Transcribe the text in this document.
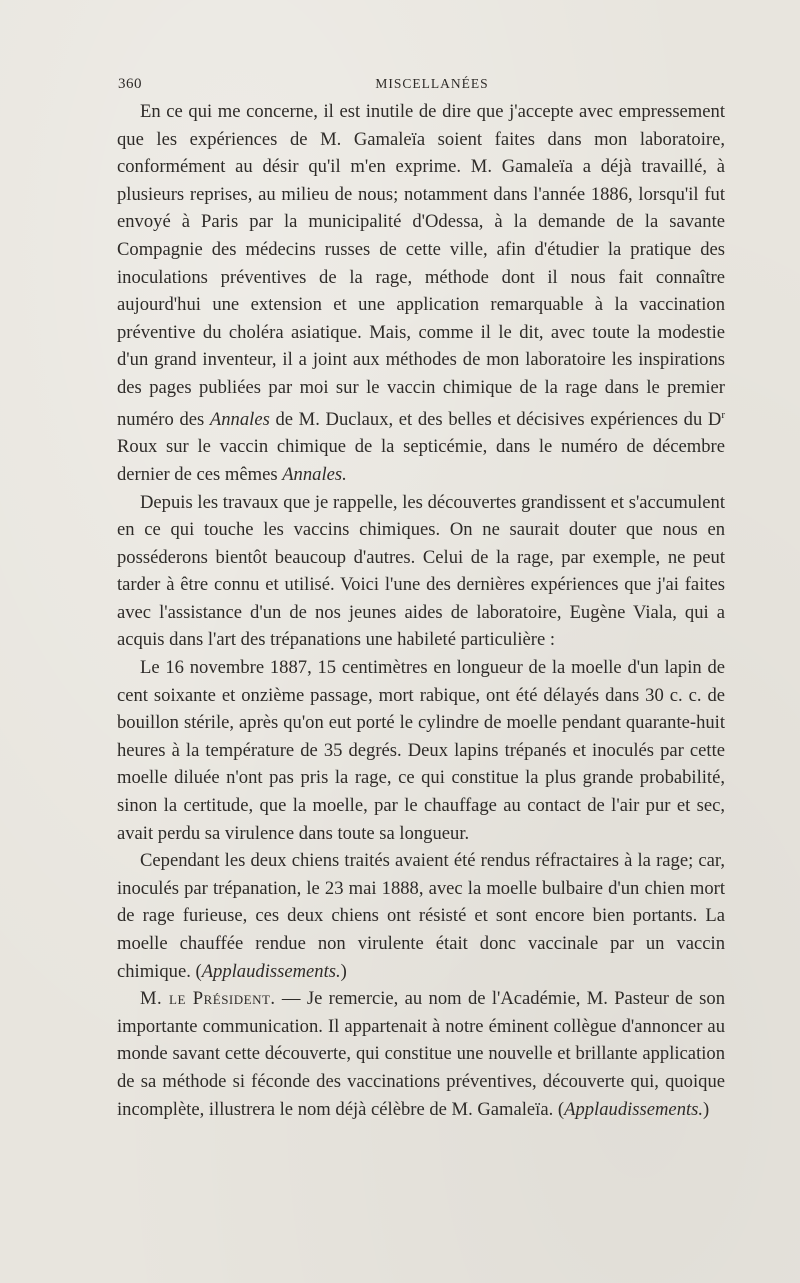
360	MISCELLANÉES

En ce qui me concerne, il est inutile de dire que j'accepte avec empressement que les expériences de M. Gamaleïa soient faites dans mon laboratoire, conformément au désir qu'il m'en exprime. M. Gamaleïa a déjà travaillé, à plusieurs reprises, au milieu de nous; notamment dans l'année 1886, lorsqu'il fut envoyé à Paris par la municipalité d'Odessa, à la demande de la savante Compagnie des médecins russes de cette ville, afin d'étudier la pratique des inoculations préventives de la rage, méthode dont il nous fait connaître aujourd'hui une extension et une application remarquable à la vaccination préventive du choléra asiatique. Mais, comme il le dit, avec toute la modestie d'un grand inventeur, il a joint aux méthodes de mon laboratoire les inspirations des pages publiées par moi sur le vaccin chimique de la rage dans le premier numéro des Annales de M. Duclaux, et des belles et décisives expériences du $D^r$ Roux sur le vaccin chimique de la septicémie, dans le numéro de décembre dernier de ces mêmes Annales.

Depuis les travaux que je rappelle, les découvertes grandissent et s'accumulent en ce qui touche les vaccins chimiques. On ne saurait douter que nous en posséderons bientôt beaucoup d'autres. Celui de la rage, par exemple, ne peut tarder à être connu et utilisé. Voici l'une des dernières expériences que j'ai faites avec l'assistance d'un de nos jeunes aides de laboratoire, Eugène Viala, qui a acquis dans l'art des trépanations une habileté particulière :

Le 16 novembre 1887, 15 centimètres en longueur de la moelle d'un lapin de cent soixante et onzième passage, mort rabique, ont été délayés dans 30 c. c. de bouillon stérile, après qu'on eut porté le cylindre de moelle pendant quarante-huit heures à la température de 35 degrés. Deux lapins trépanés et inoculés par cette moelle diluée n'ont pas pris la rage, ce qui constitue la plus grande probabilité, sinon la certitude, que la moelle, par le chauffage au contact de l'air pur et sec, avait perdu sa virulence dans toute sa longueur.

Cependant les deux chiens traités avaient été rendus réfractaires à la rage; car, inoculés par trépanation, le 23 mai 1888, avec la moelle bulbaire d'un chien mort de rage furieuse, ces deux chiens ont résisté et sont encore bien portants. La moelle chauffée rendue non virulente était donc vaccinale par un vaccin chimique. (Applaudissements.)

M. le Président. — Je remercie, au nom de l'Académie, M. Pasteur de son importante communication. Il appartenait à notre éminent collègue d'annoncer au monde savant cette découverte, qui constitue une nouvelle et brillante application de sa méthode si féconde des vaccinations préventives, découverte qui, quoique incomplète, illustrera le nom déjà célèbre de M. Gamaleïa. (Applaudissements.)
